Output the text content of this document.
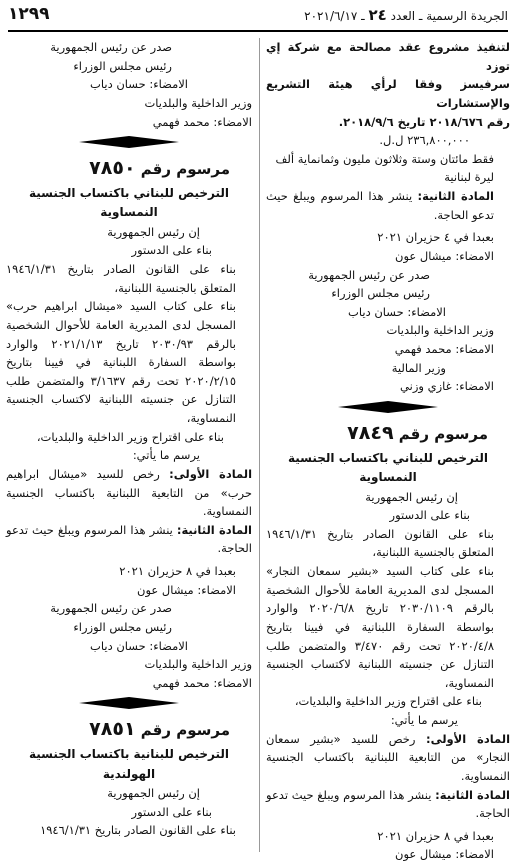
الجريدة الرسمية ـ العدد ٢٤ ـ ٢٠٢١/٦/١٧
١٢٩٩

لتنفيذ مشروع عقد مصالحة مع شركة إي توزد

سرفيسز وفقا لرأي هيئة التشريع والإستشارات

رقم ٢٠١٨/٦٧٦ تاريخ ٢٠١٨/٩/٦.

٢٣٦,٨٠٠,٠٠٠ ل.ل.

فقط مائتان وستة وثلاثون مليون وثمانماية ألف ليرة لبنانية

المادة الثانية: ينشر هذا المرسوم ويبلغ حيث تدعو الحاجة.

بعبدا في ٤ حزيران ٢٠٢١

الامضاء: ميشال عون

صدر عن رئيس الجمهورية

رئيس مجلس الوزراء

الامضاء: حسان دياب

وزير الداخلية والبلديات

الامضاء: محمد فهمي

وزير المالية

الامضاء: غازي وزني

مرسوم رقم ٧٨٤٩

الترخيص للبناني باكتساب الجنسية النمساوية

إن رئيس الجمهورية

بناء على الدستور

بناء على القانون الصادر بتاريخ ١٩٤٦/١/٣١ المتعلق بالجنسية اللبنانية،

بناء على كتاب السيد «بشير سمعان النجار» المسجل لدى المديرية العامة للأحوال الشخصية بالرقم ٢٠٣٠/١١٠٩ تاريخ ٢٠٢٠/٦/٨ والوارد بواسطة السفارة اللبنانية في فيينا بتاريخ ٢٠٢٠/٤/٨ تحت رقم ٣/٤٧٠ والمتضمن طلب التنازل عن جنسيته اللبنانية لاكتساب الجنسية النمساوية،

بناء على اقتراح وزير الداخلية والبلديات،

يرسم ما يأتي:

المادة الأولى: رخص للسيد «بشير سمعان النجار» من التابعية اللبنانية باكتساب الجنسية النمساوية.

المادة الثانية: ينشر هذا المرسوم ويبلغ حيث تدعو الحاجة.

بعبدا في ٨ حزيران ٢٠٢١

الامضاء: ميشال عون

صدر عن رئيس الجمهورية

رئيس مجلس الوزراء

الامضاء: حسان دياب

وزير الداخلية والبلديات

الامضاء: محمد فهمي

مرسوم رقم ٧٨٥٠

الترخيص للبناني باكتساب الجنسية النمساوية

إن رئيس الجمهورية

بناء على الدستور

بناء على القانون الصادر بتاريخ ١٩٤٦/١/٣١ المتعلق بالجنسية اللبنانية،

بناء على كتاب السيد «ميشال ابراهيم حرب» المسجل لدى المديرية العامة للأحوال الشخصية بالرقم ٢٠٣٠/٩٣ تاريخ ٢٠٢١/١/١٣ والوارد بواسطة السفارة اللبنانية في فيينا بتاريخ ٢٠٢٠/٢/١٥ تحت رقم ٣/١٦٣٧ والمتضمن طلب التنازل عن جنسيته اللبنانية لاكتساب الجنسية النمساوية،

بناء على اقتراح وزير الداخلية والبلديات،

يرسم ما يأتي:

المادة الأولى: رخص للسيد «ميشال ابراهيم حرب» من التابعية اللبنانية باكتساب الجنسية النمساوية.

المادة الثانية: ينشر هذا المرسوم ويبلغ حيث تدعو الحاجة.

بعبدا في ٨ حزيران ٢٠٢١

الامضاء: ميشال عون

صدر عن رئيس الجمهورية

رئيس مجلس الوزراء

الامضاء: حسان دياب

وزير الداخلية والبلديات

الامضاء: محمد فهمي

مرسوم رقم ٧٨٥١

الترخيص للبنانية باكتساب الجنسية الهولندية

إن رئيس الجمهورية

بناء على الدستور

بناء على القانون الصادر بتاريخ ١٩٤٦/١/٣١
